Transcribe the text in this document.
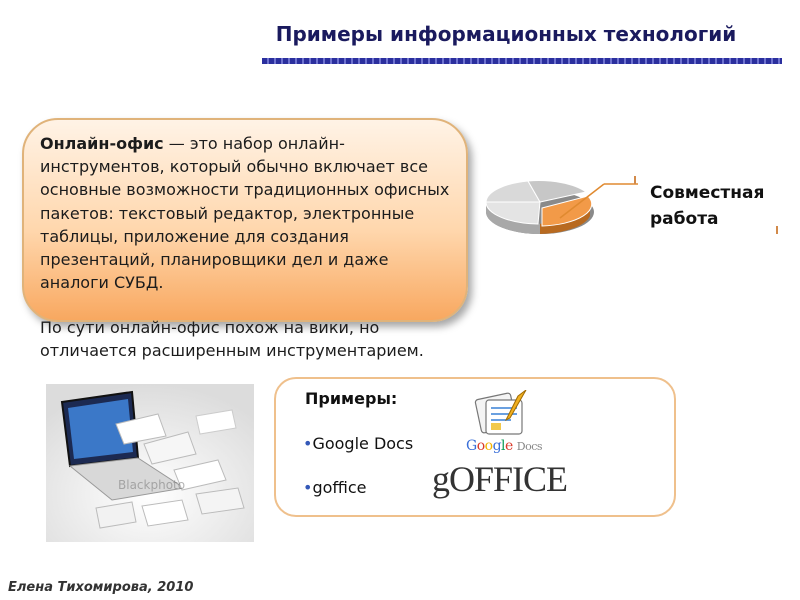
Примеры информационных технологий
Онлайн-офис — это набор онлайн-инструментов, который обычно включает все основные возможности традиционных офисных пакетов: текстовый редактор, электронные таблицы, приложение для создания презентаций, планировщики дел и даже аналоги СУБД.
По сути онлайн-офис похож на вики, но отличается расширенным инструментарием.
Совместная работа
Примеры:
•Google Docs
•goffice
Google Docs
gOFFICE
Blackphoto
Елена Тихомирова, 2010
